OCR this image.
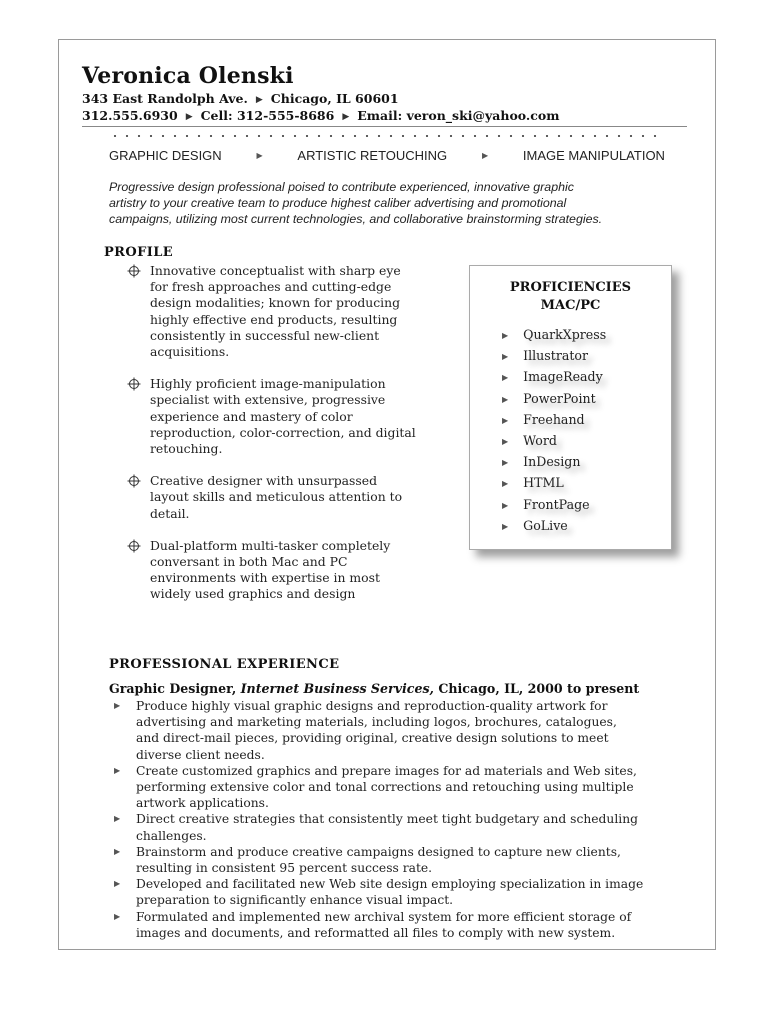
Veronica Olenski
343 East Randolph Ave. ▶ Chicago, IL 60601
312.555.6930 ▶ Cell: 312-555-8686 ▶ Email: veron_ski@yahoo.com
GRAPHIC DESIGN	▶	ARTISTIC RETOUCHING	▶	IMAGE MANIPULATION
Progressive design professional poised to contribute experienced, innovative graphic
artistry to your creative team to produce highest caliber advertising and promotional
campaigns, utilizing most current technologies, and collaborative brainstorming strategies.
PROFILE

Innovative conceptualist with sharp eye

for fresh approaches and cutting-edge

design modalities; known for producing

highly effective end products, resulting

consistently in successful new-client

acquisitions.

Highly proficient image-manipulation

specialist with extensive, progressive

experience and mastery of color

reproduction, color-correction, and digital

retouching.

Creative designer with unsurpassed

layout skills and meticulous attention to

detail.

Dual-platform multi-tasker completely

conversant in both Mac and PC

environments with expertise in most

widely used graphics and design

PROFICIENCIES
MAC/PC
▶ QuarkXpress
▶ Illustrator
▶ ImageReady
▶ PowerPoint
▶ Freehand
▶ Word
▶ InDesign
▶ HTML
▶ FrontPage
▶ GoLive
PROFESSIONAL EXPERIENCE
Graphic Designer, Internet Business Services, Chicago, IL, 2000 to present
▶ Produce highly visual graphic designs and reproduction-quality artwork for

advertising and marketing materials, including logos, brochures, catalogues,

and direct-mail pieces, providing original, creative design solutions to meet

diverse client needs.

▶ Create customized graphics and prepare images for ad materials and Web sites,

performing extensive color and tonal corrections and retouching using multiple

artwork applications.

▶ Direct creative strategies that consistently meet tight budgetary and scheduling

challenges.

▶ Brainstorm and produce creative campaigns designed to capture new clients,

resulting in consistent 95 percent success rate.

▶ Developed and facilitated new Web site design employing specialization in image

preparation to significantly enhance visual impact.

▶ Formulated and implemented new archival system for more efficient storage of

images and documents, and reformatted all files to comply with new system.
